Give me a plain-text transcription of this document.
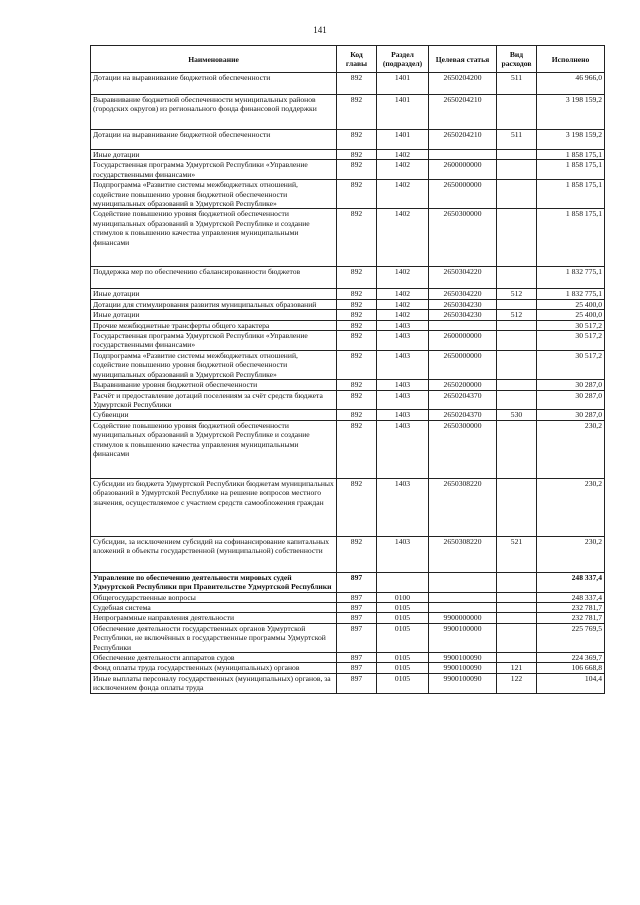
141
Наименование	Код главы	Раздел (подраздел)	Целевая статья	Вид расходов	Исполнено
Дотации на выравнивание бюджетной обеспеченности	892	1401	2650204200	511	46 966,0
Выравнивание бюджетной обеспеченности муниципальных районов (городских округов) из регионального фонда финансовой поддержки	892	1401	2650204210		3 198 159,2
Дотации на выравнивание бюджетной обеспеченности	892	1401	2650204210	511	3 198 159,2
Иные дотации	892	1402			1 858 175,1
Государственная программа Удмуртской Республики «Управление государственными финансами»	892	1402	2600000000		1 858 175,1
Подпрограмма «Развитие системы межбюджетных отношений, содействие повышению уровня бюджетной обеспеченности муниципальных образований в Удмуртской Республике»	892	1402	2650000000		1 858 175,1
Содействие повышению уровня бюджетной обеспеченности муниципальных образований в Удмуртской Республике и создание стимулов к повышению качества управления муниципальными финансами	892	1402	2650300000		1 858 175,1
Поддержка мер по обеспечению сбалансированности бюджетов	892	1402	2650304220		1 832 775,1
Иные дотации	892	1402	2650304220	512	1 832 775,1
Дотации для стимулирования развития муниципальных образований	892	1402	2650304230		25 400,0
Иные дотации	892	1402	2650304230	512	25 400,0
Прочие межбюджетные трансферты общего характера	892	1403			30 517,2
Государственная программа Удмуртской Республики «Управление государственными финансами»	892	1403	2600000000		30 517,2
Подпрограмма «Развитие системы межбюджетных отношений, содействие повышению уровня бюджетной обеспеченности муниципальных образований в Удмуртской Республике»	892	1403	2650000000		30 517,2
Выравнивание уровня бюджетной обеспеченности	892	1403	2650200000		30 287,0
Расчёт и предоставление дотаций поселениям за счёт средств бюджета Удмуртской Республики	892	1403	2650204370		30 287,0
Субвенции	892	1403	2650204370	530	30 287,0
Содействие повышению уровня бюджетной обеспеченности муниципальных образований в Удмуртской Республике и создание стимулов к повышению качества управления муниципальными финансами	892	1403	2650300000		230,2
Субсидии из бюджета Удмуртской Республики бюджетам муниципальных образований в Удмуртской Республике на решение вопросов местного значения, осуществляемое с участием средств самообложения граждан	892	1403	2650308220		230,2
Субсидии, за исключением субсидий на софинансирование капитальных вложений в объекты государственной (муниципальной) собственности	892	1403	2650308220	521	230,2
Управление по обеспечению деятельности мировых судей Удмуртской Республики при Правительстве Удмуртской Республики	897				248 337,4
Общегосударственные вопросы	897	0100			248 337,4
Судебная система	897	0105			232 781,7
Непрограммные направления деятельности	897	0105	9900000000		232 781,7
Обеспечение деятельности государственных органов Удмуртской Республики, не включённых в государственные программы Удмуртской Республики	897	0105	9900100000		225 769,5
Обеспечение деятельности аппаратов судов	897	0105	9900100090		224 369,7
Фонд оплаты труда государственных (муниципальных) органов	897	0105	9900100090	121	106 668,8
Иные выплаты персоналу государственных (муниципальных) органов, за исключением фонда оплаты труда	897	0105	9900100090	122	104,4
